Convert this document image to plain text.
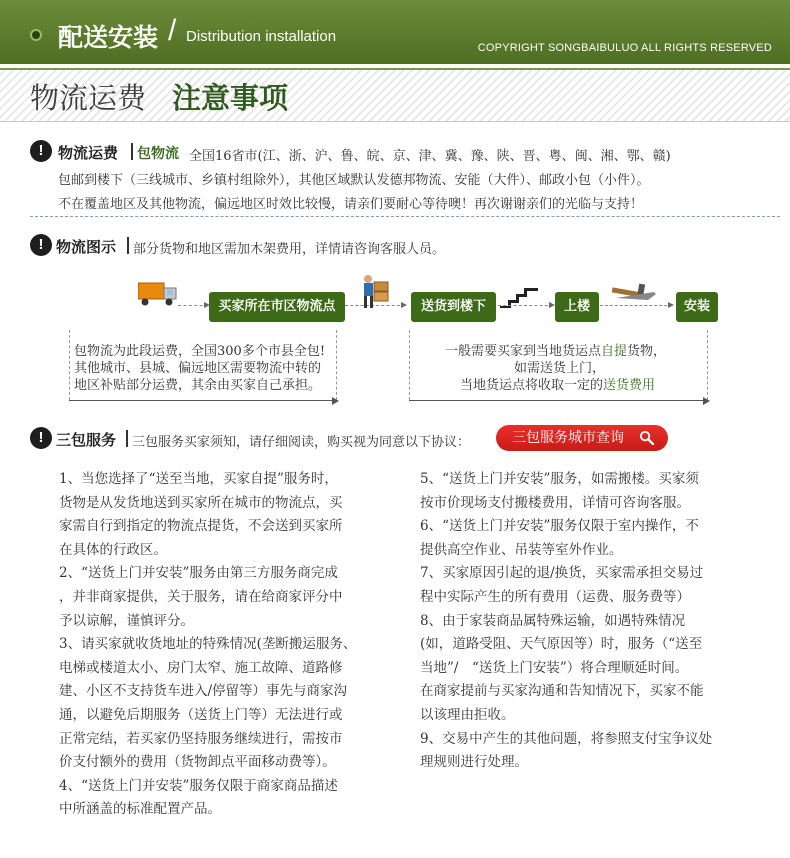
配送安装 / Distribution installation
COPYRIGHT SONGBAIBULUO ALL RIGHTS RESERVED
物流运费 注意事项
! 物流运费 包物流 全国16省市(江、浙、沪、鲁、皖、京、津、冀、豫、陕、晋、粤、闽、湘、鄂、赣)
包邮到楼下（三线城市、乡镇村组除外），其他区域默认发德邦物流、安能（大件）、邮政小包（小件）。
不在覆盖地区及其他物流，偏远地区时效比较慢，请亲们要耐心等待噢！再次谢谢亲们的光临与支持！
! 物流图示 部分货物和地区需加木架费用，详情请咨询客服人员。
买家所在市区物流点	送货到楼下	上楼	安装
包物流为此段运费，全国300多个市县全包!
其他城市、县城、偏远地区需要物流中转的
地区补贴部分运费，其余由买家自己承担。
一般需要买家到当地货运点自提货物，
如需送货上门，
当地货运点将收取一定的送货费用
! 三包服务 三包服务买家须知，请仔细阅读，购买视为同意以下协议：	三包服务城市查询

1、当您选择了“送至当地，买家自提”服务时，

货物是从发货地送到买家所在城市的物流点，买

家需自行到指定的物流点提货，不会送到买家所

在具体的行政区。

2、“送货上门并安装”服务由第三方服务商完成

，并非商家提供，关于服务，请在给商家评分中

予以谅解，谨慎评分。

3、请买家就收货地址的特殊情况(垄断搬运服务、

电梯或楼道太小、房门太窄、施工故障、道路修

建、小区不支持货车进入/停留等）事先与商家沟

通，以避免后期服务（送货上门等）无法进行或

正常完结，若买家仍坚持服务继续进行，需按市

价支付额外的费用（货物卸点平面移动费等）。

4、“送货上门并安装”服务仅限于商家商品描述

中所涵盖的标准配置产品。

5、“送货上门并安装”服务，如需搬楼。买家须

按市价现场支付搬楼费用，详情可咨询客服。

6、“送货上门并安装”服务仅限于室内操作，不

提供高空作业、吊装等室外作业。

7、买家原因引起的退/换货，买家需承担交易过

程中实际产生的所有费用（运费、服务费等）

8、由于家装商品属特殊运输，如遇特殊情况

(如，道路受阻、天气原因等）时，服务（“送至

当地”/　“送货上门安装”）将合理顺延时间。

在商家提前与买家沟通和告知情况下，买家不能

以该理由拒收。

9、交易中产生的其他问题，将参照支付宝争议处

理规则进行处理。
